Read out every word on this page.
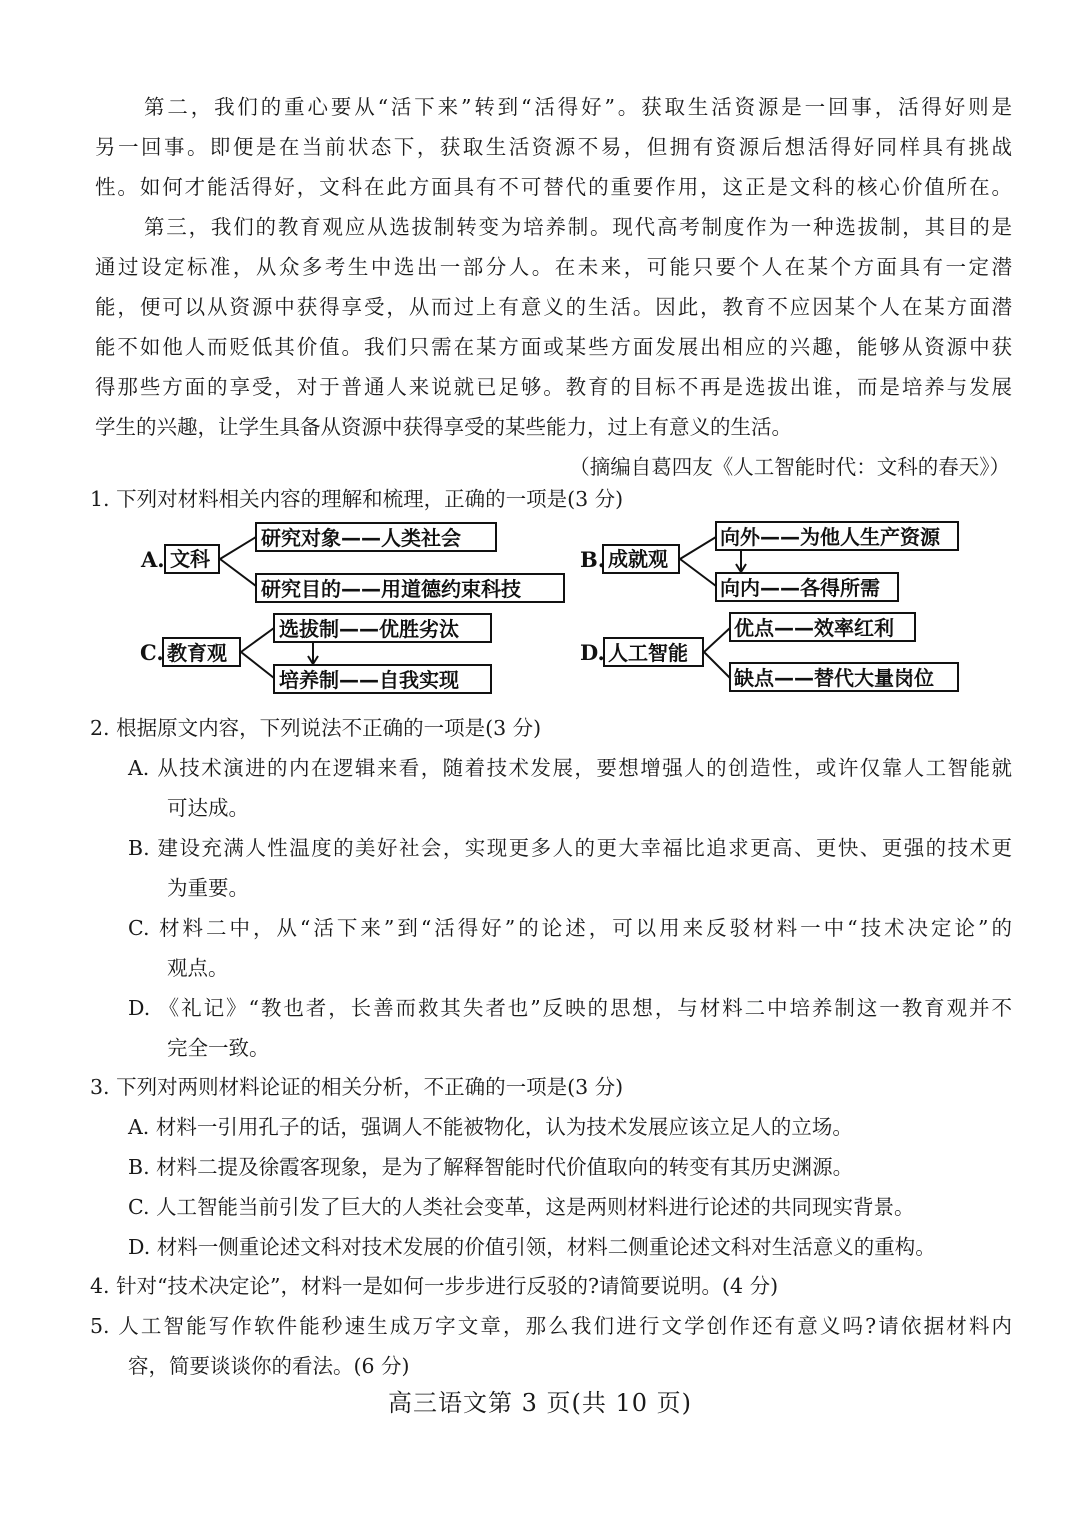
第二，我们的重心要从“活下来”转到“活得好”。获取生活资源是一回事，活得好则是
另一回事。即便是在当前状态下，获取生活资源不易，但拥有资源后想活得好同样具有挑战
性。如何才能活得好，文科在此方面具有不可替代的重要作用，这正是文科的核心价值所在。
第三，我们的教育观应从选拔制转变为培养制。现代高考制度作为一种选拔制，其目的是
通过设定标准，从众多考生中选出一部分人。在未来，可能只要个人在某个方面具有一定潜
能，便可以从资源中获得享受，从而过上有意义的生活。因此，教育不应因某个人在某方面潜
能不如他人而贬低其价值。我们只需在某方面或某些方面发展出相应的兴趣，能够从资源中获
得那些方面的享受，对于普通人来说就已足够。教育的目标不再是选拔出谁，而是培养与发展
学生的兴趣，让学生具备从资源中获得享受的某些能力，过上有意义的生活。
（摘编自葛四友《人工智能时代：文科的春天》）
1. 下列对材料相关内容的理解和梳理，正确的一项是(3 分)
A.	B.
C.	D.
文科
研究对象——人类社会
研究目的——用道德约束科技
成就观
向外——为他人生产资源
向内——各得所需
教育观
选拔制——优胜劣汰
培养制——自我实现
人工智能
优点——效率红利
缺点——替代大量岗位
2. 根据原文内容，下列说法不正确的一项是(3 分)
A. 从技术演进的内在逻辑来看，随着技术发展，要想增强人的创造性，或许仅靠人工智能就
可达成。
B. 建设充满人性温度的美好社会，实现更多人的更大幸福比追求更高、更快、更强的技术更
为重要。
C. 材料二中，从“活下来”到“活得好”的论述，可以用来反驳材料一中“技术决定论”的
观点。
D. 《礼记》“教也者，长善而救其失者也”反映的思想，与材料二中培养制这一教育观并不
完全一致。
3. 下列对两则材料论证的相关分析，不正确的一项是(3 分)
A. 材料一引用孔子的话，强调人不能被物化，认为技术发展应该立足人的立场。
B. 材料二提及徐霞客现象，是为了解释智能时代价值取向的转变有其历史渊源。
C. 人工智能当前引发了巨大的人类社会变革，这是两则材料进行论述的共同现实背景。
D. 材料一侧重论述文科对技术发展的价值引领，材料二侧重论述文科对生活意义的重构。
4. 针对“技术决定论”，材料一是如何一步步进行反驳的?请简要说明。(4 分)
5. 人工智能写作软件能秒速生成万字文章，那么我们进行文学创作还有意义吗?请依据材料内
容，简要谈谈你的看法。(6 分)
高三语文第 3 页(共 10 页)
